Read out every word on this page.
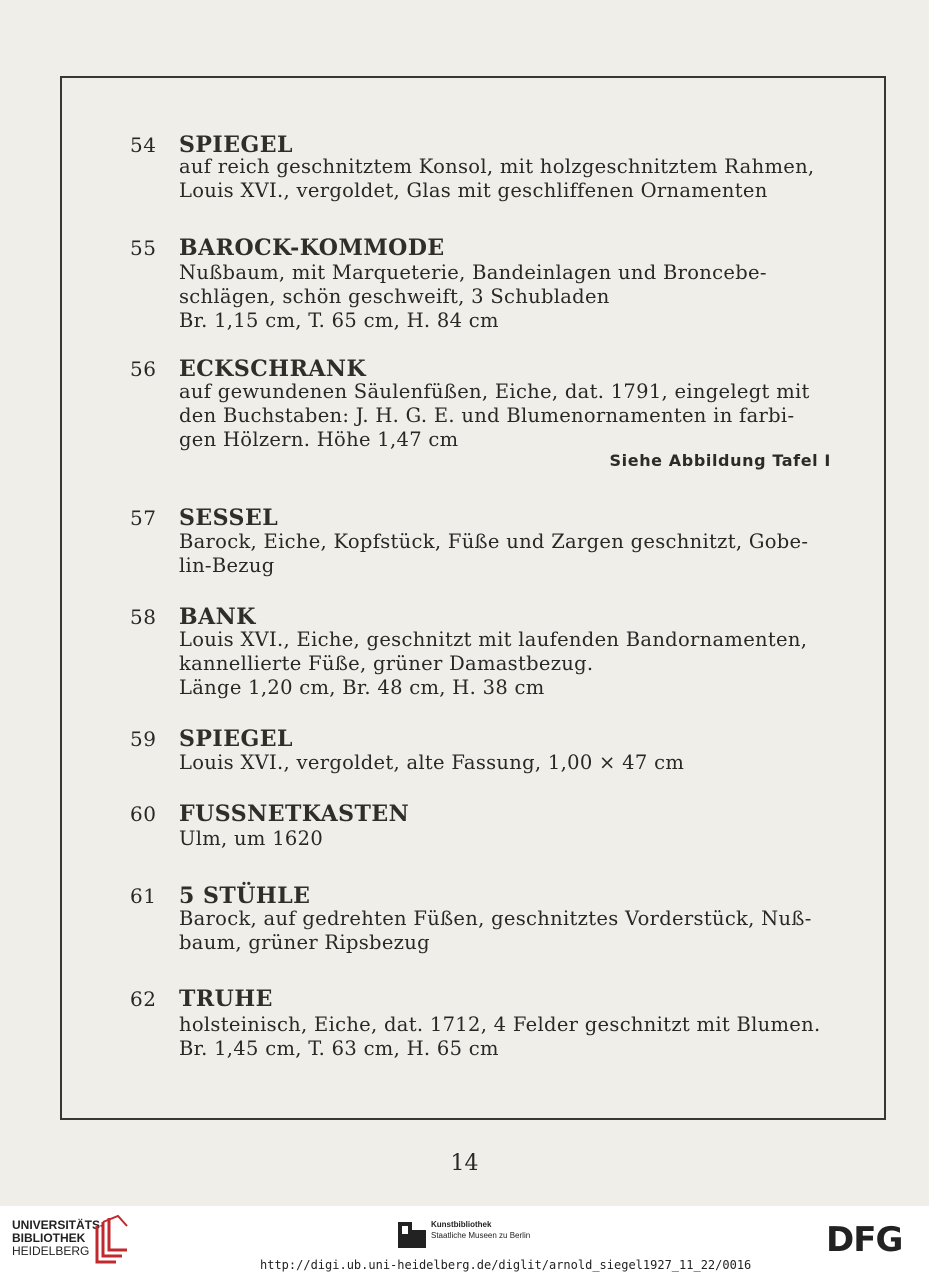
54 SPIEGEL
auf reich geschnitztem Konsol, mit holzgeschnitztem Rahmen,
Louis XVI., vergoldet, Glas mit geschliffenen Ornamenten
55 BAROCK-KOMMODE
Nußbaum, mit Marqueterie, Bandeinlagen und Broncebe-
schlägen, schön geschweift, 3 Schubladen
Br. 1,15 cm, T. 65 cm, H. 84 cm
56 ECKSCHRANK
auf gewundenen Säulenfüßen, Eiche, dat. 1791, eingelegt mit
den Buchstaben: J. H. G. E. und Blumenornamenten in farbi-
gen Hölzern. Höhe 1,47 cm
Siehe Abbildung Tafel I
57 SESSEL
Barock, Eiche, Kopfstück, Füße und Zargen geschnitzt, Gobe-
lin-Bezug
58 BANK
Louis XVI., Eiche, geschnitzt mit laufenden Bandornamenten,
kannellierte Füße, grüner Damastbezug.
Länge 1,20 cm, Br. 48 cm, H. 38 cm
59 SPIEGEL
Louis XVI., vergoldet, alte Fassung, 1,00 × 47 cm
60 FUSSNETKASTEN
Ulm, um 1620
61 5 STÜHLE
Barock, auf gedrehten Füßen, geschnitztes Vorderstück, Nuß-
baum, grüner Ripsbezug
62 TRUHE
holsteinisch, Eiche, dat. 1712, 4 Felder geschnitzt mit Blumen.
Br. 1,45 cm, T. 63 cm, H. 65 cm
14
UNIVERSITÄTS-
BIBLIOTHEK
HEIDELBERG
Kunstbibliothek
Staatliche Museen zu Berlin	DFG
http://digi.ub.uni-heidelberg.de/diglit/arnold_siegel1927_11_22/0016
